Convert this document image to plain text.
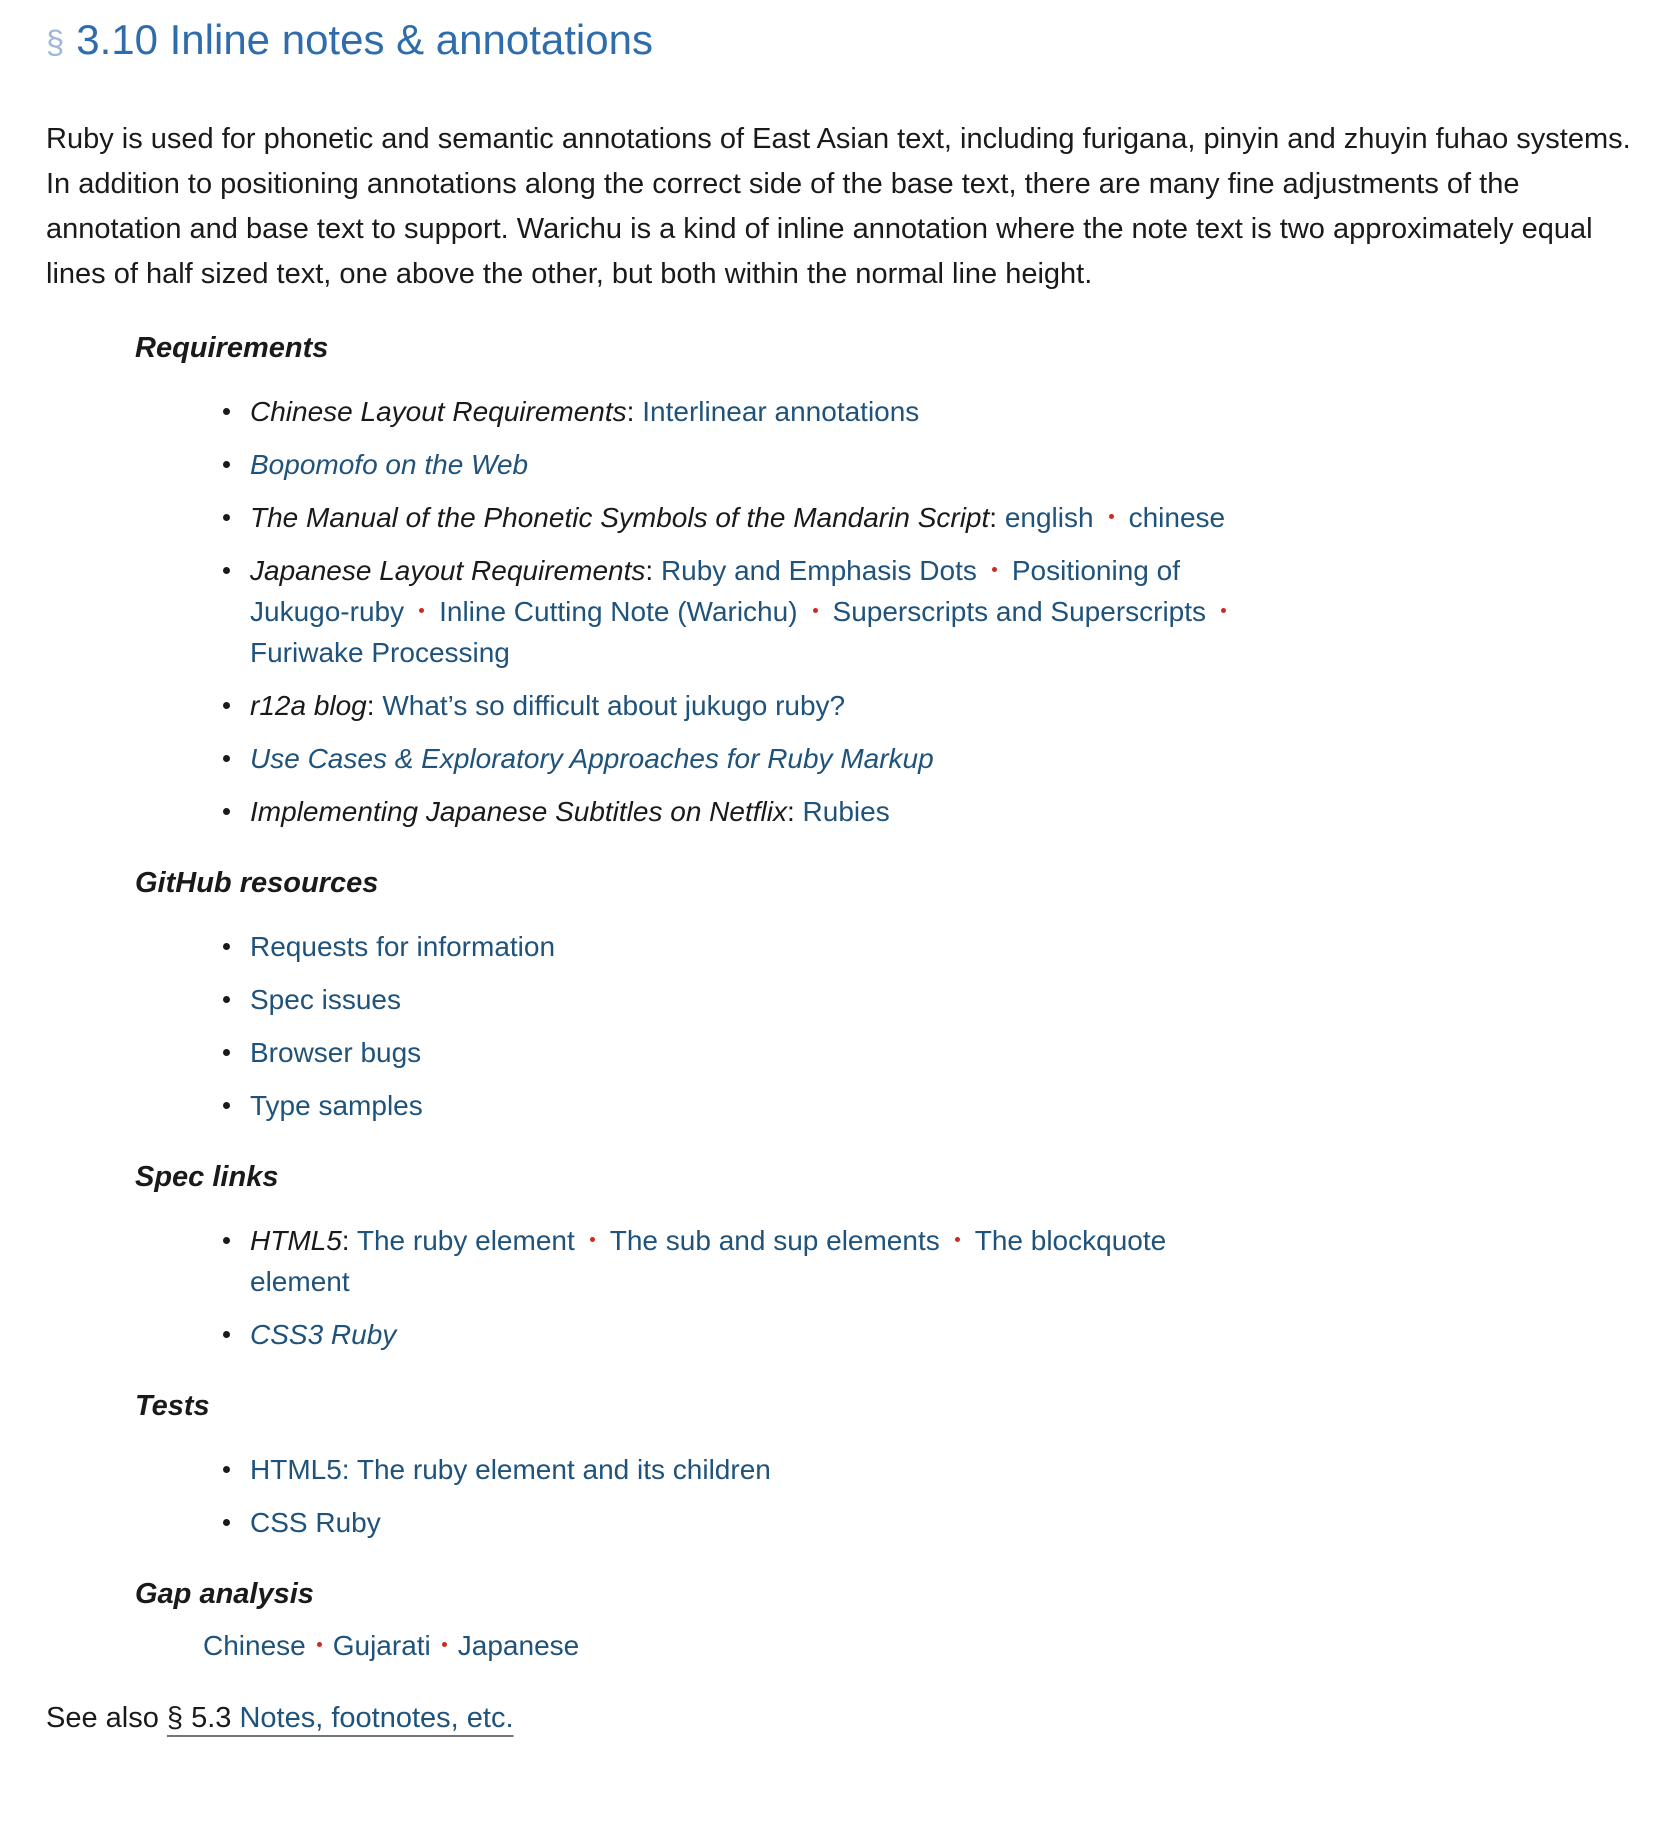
§ 3.10 Inline notes & annotations

Ruby is used for phonetic and semantic annotations of East Asian text, including furigana, pinyin and zhuyin fuhao systems. In addition to positioning annotations along the correct side of the base text, there are many fine adjustments of the annotation and base text to support. Warichu is a kind of inline annotation where the note text is two approximately equal lines of half sized text, one above the other, but both within the normal line height.

Requirements
Chinese Layout Requirements: Interlinear annotations
Bopomofo on the Web
The Manual of the Phonetic Symbols of the Mandarin Script: english chinese
Japanese Layout Requirements: Ruby and Emphasis Dots Positioning of Jukugo-ruby Inline Cutting Note (Warichu) Superscripts and SuperscriptsFuriwake Processing
r12a blog: What’s so difficult about jukugo ruby?
Use Cases & Exploratory Approaches for Ruby Markup
Implementing Japanese Subtitles on Netflix: Rubies
GitHub resources
Requests for information
Spec issues
Browser bugs
Type samples
Spec links
HTML5: The ruby element The sub and sup elements The blockquote element
CSS3 Ruby
Tests
HTML5: The ruby element and its children
CSS Ruby
Gap analysis
Chinese Gujarati Japanese

See also § 5.3 Notes, footnotes, etc.
